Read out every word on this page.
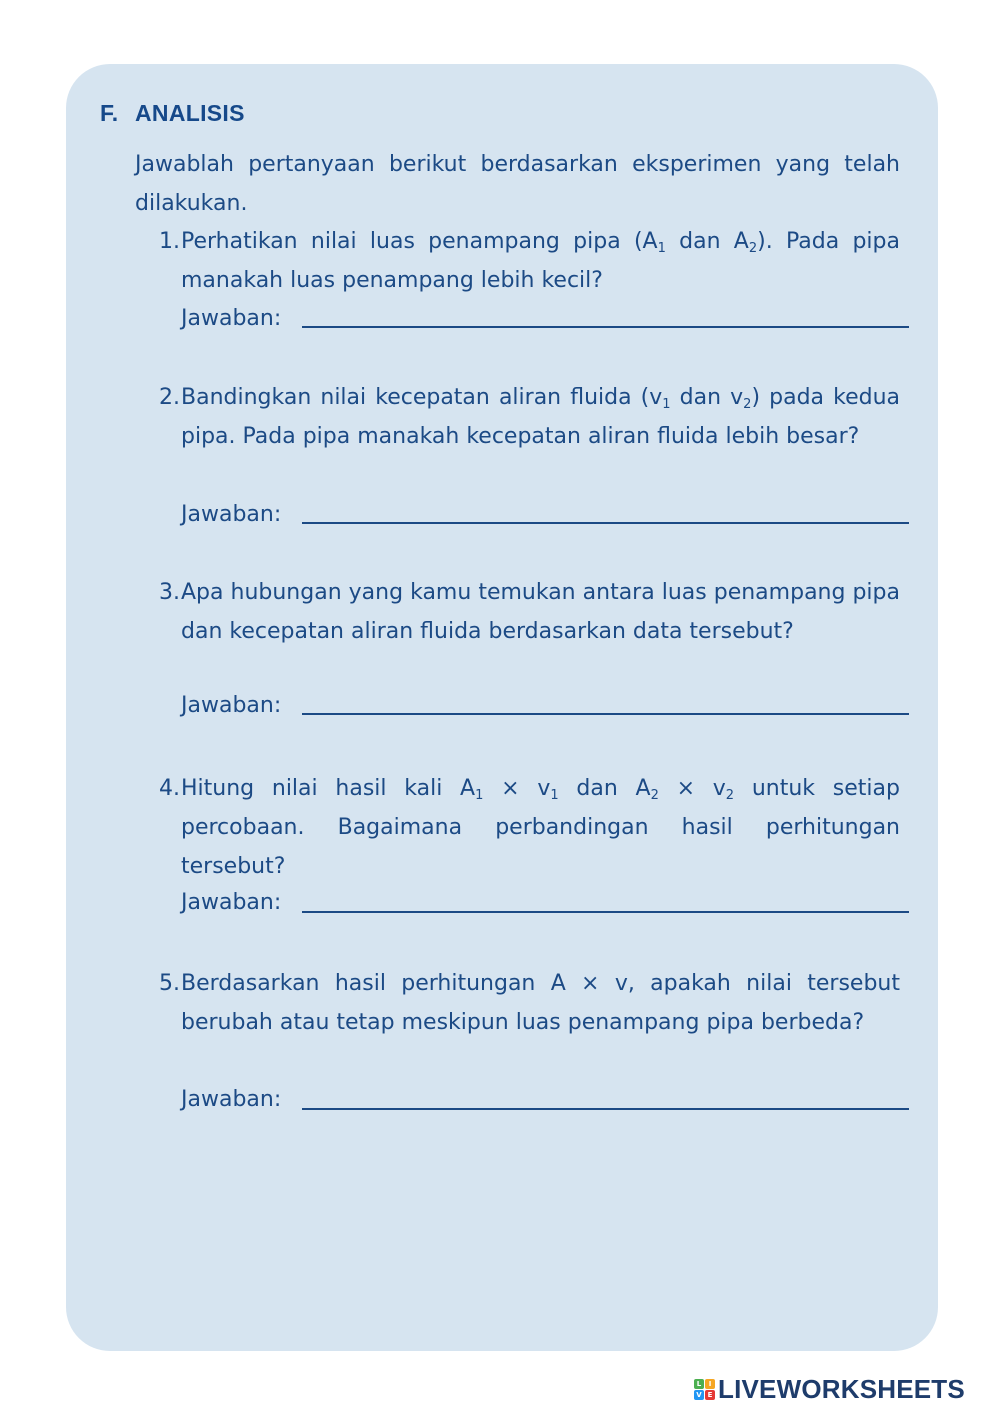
F. ANALISIS
Jawablah pertanyaan berikut berdasarkan eksperimen yang telah dilakukan.
1. Perhatikan nilai luas penampang pipa ($A_1$ dan $A_2$). Pada pipa manakah luas penampang lebih kecil?
Jawaban:
2. Bandingkan nilai kecepatan aliran fluida ($v_1$ dan $v_2$) pada kedua pipa. Pada pipa manakah kecepatan aliran fluida lebih besar?
Jawaban:
3. Apa hubungan yang kamu temukan antara luas penampang pipa dan kecepatan aliran fluida berdasarkan data tersebut?
Jawaban:
4. Hitung nilai hasil kali $A_1 \times v_1$ dan $A_2 \times v_2$ untuk setiap percobaan. Bagaimana perbandingan hasil perhitungan tersebut?
Jawaban:
5. Berdasarkan hasil perhitungan A × v, apakah nilai tersebut berubah atau tetap meskipun luas penampang pipa berbeda?
Jawaban:
L	I
V E LIVEWORKSHEETS
